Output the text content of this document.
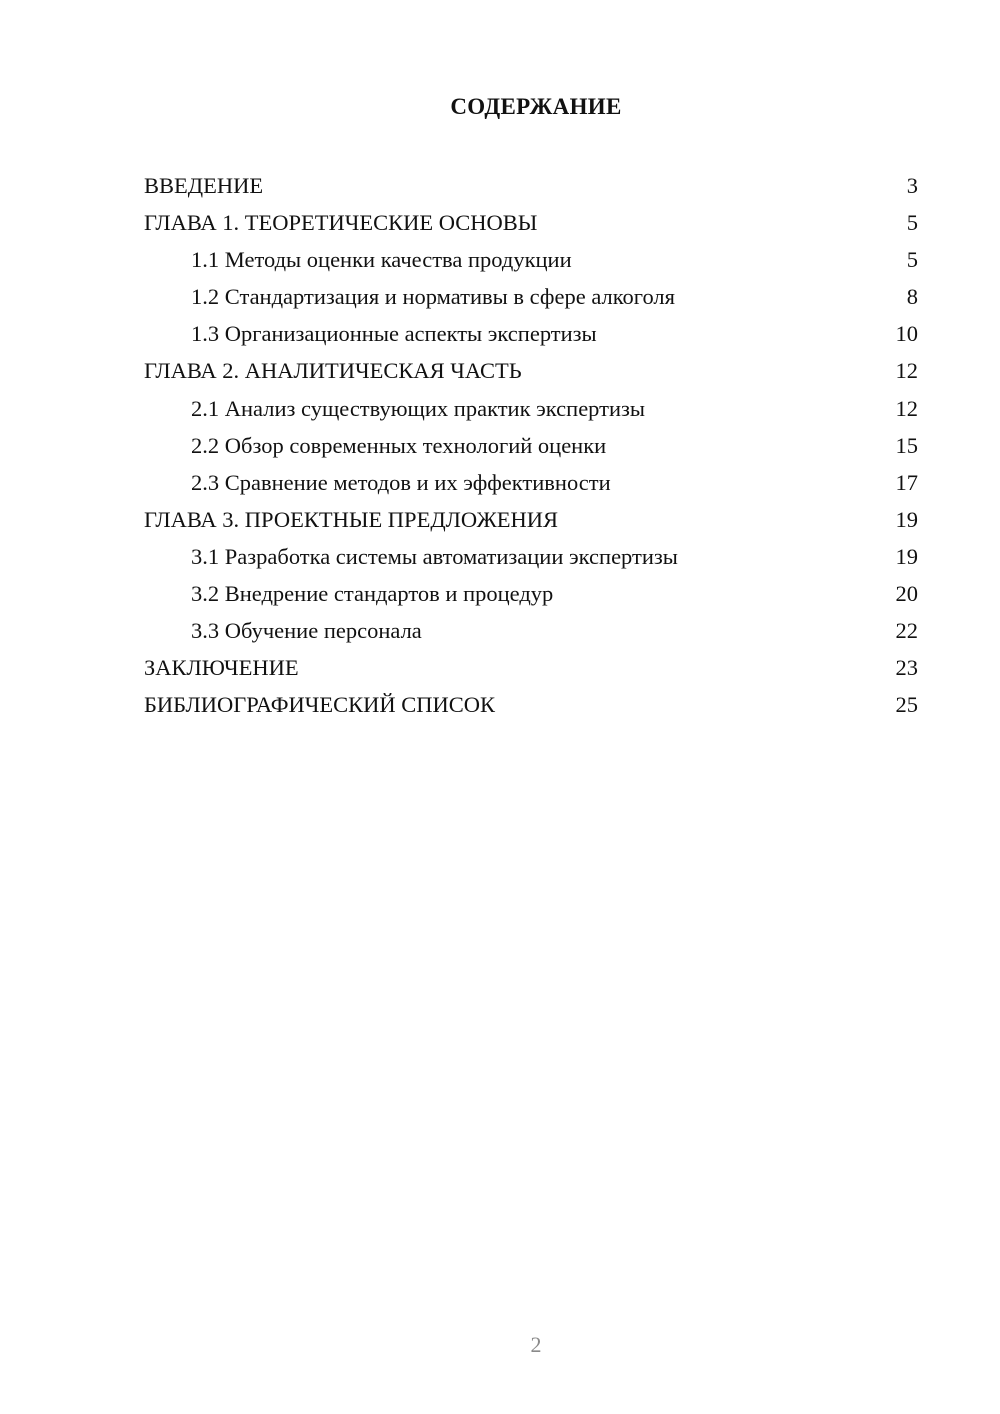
СОДЕРЖАНИЕ
ВВЕДЕНИЕ	3
ГЛАВА 1. ТЕОРЕТИЧЕСКИЕ ОСНОВЫ	5
1.1 Методы оценки качества продукции	5
1.2 Стандартизация и нормативы в сфере алкоголя	8
1.3 Организационные аспекты экспертизы	10
ГЛАВА 2. АНАЛИТИЧЕСКАЯ ЧАСТЬ	12
2.1 Анализ существующих практик экспертизы	12
2.2 Обзор современных технологий оценки	15
2.3 Сравнение методов и их эффективности	17
ГЛАВА 3. ПРОЕКТНЫЕ ПРЕДЛОЖЕНИЯ	19
3.1 Разработка системы автоматизации экспертизы	19
3.2 Внедрение стандартов и процедур	20
3.3 Обучение персонала	22
ЗАКЛЮЧЕНИЕ	23
БИБЛИОГРАФИЧЕСКИЙ СПИСОК	25
2
